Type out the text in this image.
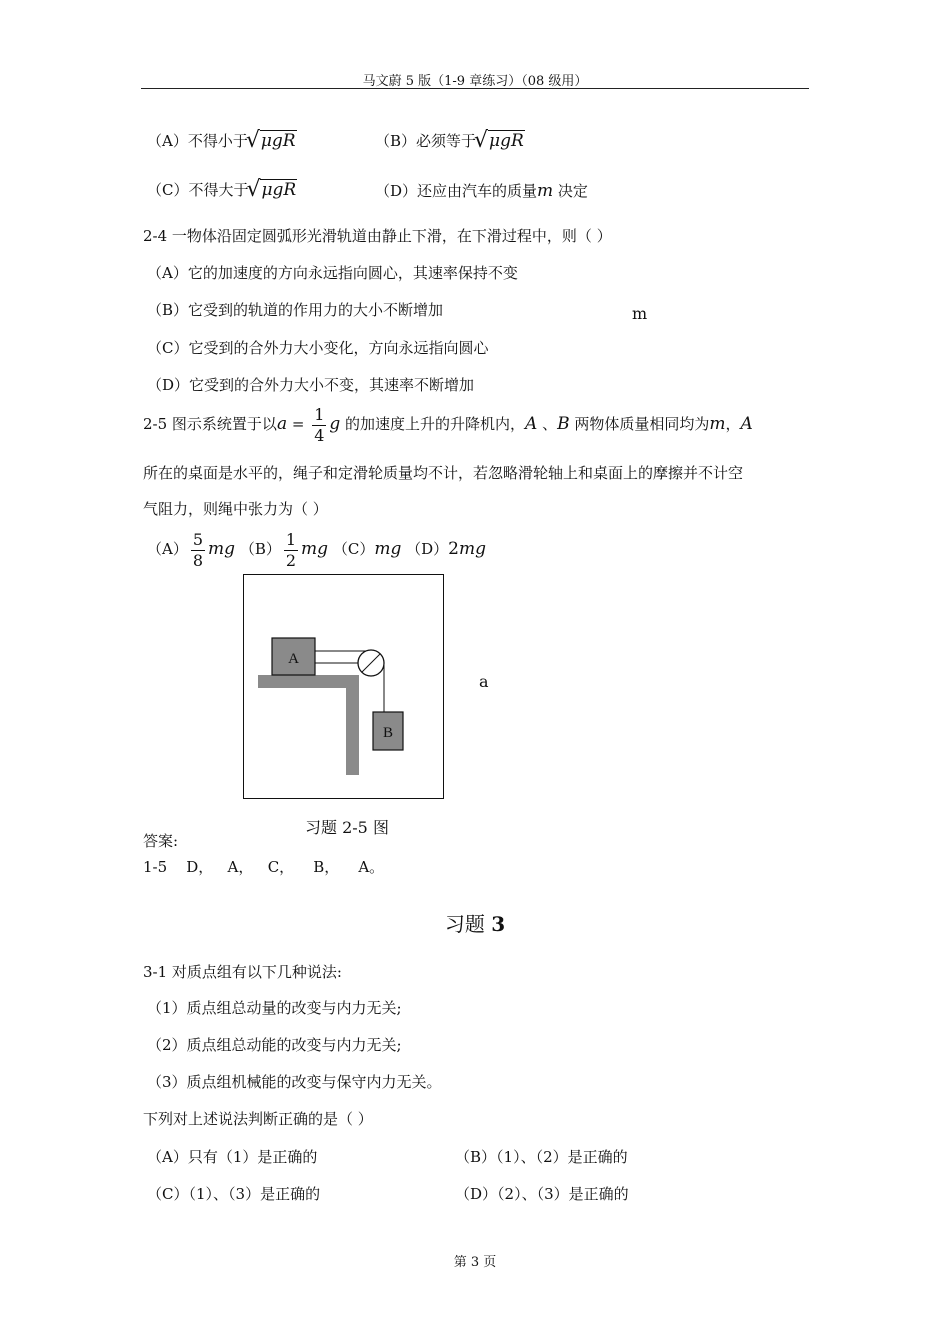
马文蔚 5 版（1-9 章练习）（08 级用）
（A）不得小于 √ μgR	（B）必须等于 √ μgR
（C）不得大于 √ μgR	（D）还应由汽车的质量m 决定
2-4 一物体沿固定圆弧形光滑轨道由静止下滑，在下滑过程中，则（ ）
（A）它的加速度的方向永远指向圆心，其速率保持不变
（B）它受到的轨道的作用力的大小不断增加	m
（C）它受到的合外力大小变化，方向永远指向圆心
（D）它受到的合外力大小不变，其速率不断增加
2-5 图示系统置于以$a = \frac{1}{4}$ g 的加速度上升的升降机内，A 、B 两物体质量相同均为m，A
所在的桌面是水平的，绳子和定滑轮质量均不计，若忽略滑轮轴上和桌面上的摩擦并不计空
气阻力，则绳中张力为（ ）
$(A) \frac{5}{8}$ mg $(B) \frac{1}{2}$ mg （C）mg （D）2mg
A
B
a
习题 2-5 图
答案:
1-5    D，   A，   C，    B，    A。
习题 3
3-1 对质点组有以下几种说法:
（1）质点组总动量的改变与内力无关;
（2）质点组总动能的改变与内力无关;
（3）质点组机械能的改变与保守内力无关。
下列对上述说法判断正确的是（ ）
（A）只有（1）是正确的	（B）（1）、（2）是正确的
（C）（1）、（3）是正确的	（D）（2）、（3）是正确的
第 3 页
